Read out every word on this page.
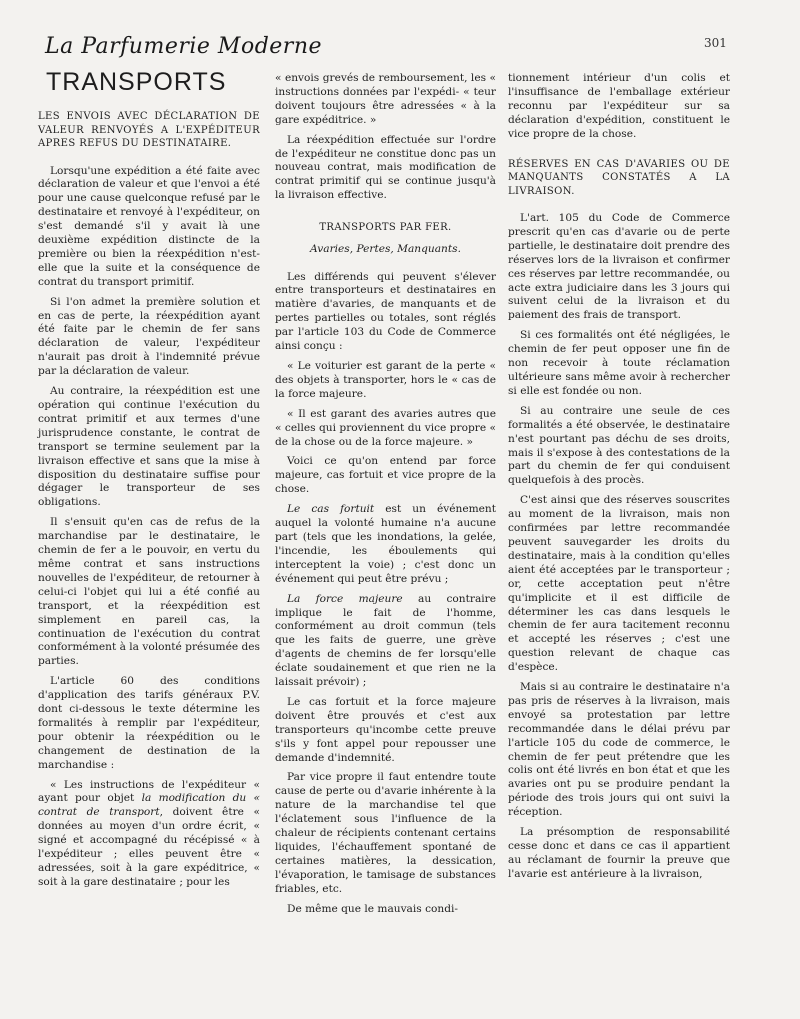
La Parfumerie Moderne	301
TRANSPORTS
LES ENVOIS AVEC DÉCLARATION DE VALEUR RENVOYÉS A L'EXPÉDITEUR APRES REFUS DU DESTINATAIRE.

Lorsqu'une expédition a été faite avec déclaration de valeur et que l'envoi a été pour une cause quelconque refusé par le destinataire et renvoyé à l'expéditeur, on s'est demandé s'il y avait là une deuxième expédition distincte de la première ou bien la réexpédition n'est-elle que la suite et la conséquence de contrat du transport primitif.

Si l'on admet la première solution et en cas de perte, la réexpédition ayant été faite par le chemin de fer sans déclaration de valeur, l'expéditeur n'aurait pas droit à l'indemnité prévue par la déclaration de valeur.

Au contraire, la réexpédition est une opération qui continue l'exécution du contrat primitif et aux termes d'une jurisprudence constante, le contrat de transport se termine seulement par la livraison effective et sans que la mise à disposition du destinataire suffise pour dégager le transporteur de ses obligations.

Il s'ensuit qu'en cas de refus de la marchandise par le destinataire, le chemin de fer a le pouvoir, en vertu du même contrat et sans instructions nouvelles de l'expéditeur, de retourner à celui-ci l'objet qui lui a été confié au transport, et la réexpédition est simplement en pareil cas, la continuation de l'exécution du contrat conformément à la volonté présumée des parties.

L'article 60 des conditions d'application des tarifs généraux P.V. dont ci-dessous le texte détermine les formalités à remplir par l'expéditeur, pour obtenir la réexpédition ou le changement de destination de la marchandise :

« Les instructions de l'expéditeur « ayant pour objet la modification du « contrat de transport, doivent être « données au moyen d'un ordre écrit, « signé et accompagné du récépissé « à l'expéditeur ; elles peuvent être « adressées, soit à la gare expéditrice, « soit à la gare destinataire ; pour les

« envois grevés de remboursement, les « instructions données par l'expédi- « teur doivent toujours être adressées « à la gare expéditrice. »

La réexpédition effectuée sur l'ordre de l'expéditeur ne constitue donc pas un nouveau contrat, mais modification de contrat primitif qui se continue jusqu'à la livraison effective.

TRANSPORTS PAR FER.
Avaries, Pertes, Manquants.

Les différends qui peuvent s'élever entre transporteurs et destinataires en matière d'avaries, de manquants et de pertes partielles ou totales, sont réglés par l'article 103 du Code de Commerce ainsi conçu :

« Le voiturier est garant de la perte « des objets à transporter, hors le « cas de la force majeure.

« Il est garant des avaries autres que « celles qui proviennent du vice propre « de la chose ou de la force majeure. »

Voici ce qu'on entend par force majeure, cas fortuit et vice propre de la chose.

Le cas fortuit est un événement auquel la volonté humaine n'a aucune part (tels que les inondations, la gelée, l'incendie, les éboulements qui interceptent la voie) ; c'est donc un événement qui peut être prévu ;

La force majeure au contraire implique le fait de l'homme, conformément au droit commun (tels que les faits de guerre, une grève d'agents de chemins de fer lorsqu'elle éclate soudainement et que rien ne la laissait prévoir) ;

Le cas fortuit et la force majeure doivent être prouvés et c'est aux transporteurs qu'incombe cette preuve s'ils y font appel pour repousser une demande d'indemnité.

Par vice propre il faut entendre toute cause de perte ou d'avarie inhérente à la nature de la marchandise tel que l'éclatement sous l'influence de la chaleur de récipients contenant certains liquides, l'échauffement spontané de certaines matières, la dessication, l'évaporation, le tamisage de substances friables, etc.

De même que le mauvais condi-

tionnement intérieur d'un colis et l'insuffisance de l'emballage extérieur reconnu par l'expéditeur sur sa déclaration d'expédition, constituent le vice propre de la chose.

RÉSERVES EN CAS D'AVARIES OU DE MANQUANTS CONSTATÉS A LA LIVRAISON.

L'art. 105 du Code de Commerce prescrit qu'en cas d'avarie ou de perte partielle, le destinataire doit prendre des réserves lors de la livraison et confirmer ces réserves par lettre recommandée, ou acte extra judiciaire dans les 3 jours qui suivent celui de la livraison et du paiement des frais de transport.

Si ces formalités ont été négligées, le chemin de fer peut opposer une fin de non recevoir à toute réclamation ultérieure sans même avoir à rechercher si elle est fondée ou non.

Si au contraire une seule de ces formalités a été observée, le destinataire n'est pourtant pas déchu de ses droits, mais il s'expose à des contestations de la part du chemin de fer qui conduisent quelquefois à des procès.

C'est ainsi que des réserves souscrites au moment de la livraison, mais non confirmées par lettre recommandée peuvent sauvegarder les droits du destinataire, mais à la condition qu'elles aient été acceptées par le transporteur ; or, cette acceptation peut n'être qu'implicite et il est difficile de déterminer les cas dans lesquels le chemin de fer aura tacitement reconnu et accepté les réserves ; c'est une question relevant de chaque cas d'espèce.

Mais si au contraire le destinataire n'a pas pris de réserves à la livraison, mais envoyé sa protestation par lettre recommandée dans le délai prévu par l'article 105 du code de commerce, le chemin de fer peut prétendre que les colis ont été livrés en bon état et que les avaries ont pu se produire pendant la période des trois jours qui ont suivi la réception.

La présomption de responsabilité cesse donc et dans ce cas il appartient au réclamant de fournir la preuve que l'avarie est antérieure à la livraison,
